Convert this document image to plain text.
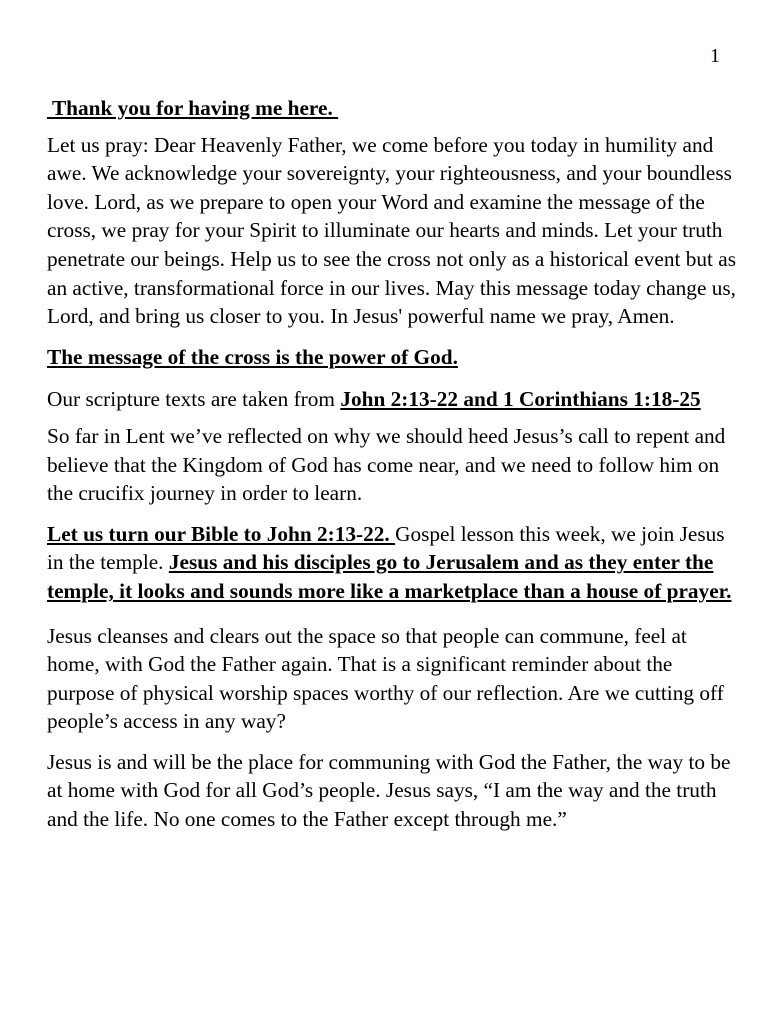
1

Thank you for having me here.

Let us pray: Dear Heavenly Father, we come before you today in humility and awe. We acknowledge your sovereignty, your righteousness, and your boundless love. Lord, as we prepare to open your Word and examine the message of the cross, we pray for your Spirit to illuminate our hearts and minds. Let your truth penetrate our beings. Help us to see the cross not only as a historical event but as an active, transformational force in our lives. May this message today change us, Lord, and bring us closer to you. In Jesus' powerful name we pray, Amen.

The message of the cross is the power of God.

Our scripture texts are taken from John 2:13-22 and 1 Corinthians 1:18-25

So far in Lent we’ve reflected on why we should heed Jesus’s call to repent and believe that the Kingdom of God has come near, and we need to follow him on the crucifix journey in order to learn.

Let us turn our Bible to John 2:13-22. Gospel lesson this week, we join Jesus in the temple. Jesus and his disciples go to Jerusalem and as they enter the temple, it looks and sounds more like a marketplace than a house of prayer.

Jesus cleanses and clears out the space so that people can commune, feel at home, with God the Father again. That is a significant reminder about the purpose of physical worship spaces worthy of our reflection. Are we cutting off people’s access in any way?

Jesus is and will be the place for communing with God the Father, the way to be at home with God for all God’s people. Jesus says, “I am the way and the truth and the life. No one comes to the Father except through me.”
